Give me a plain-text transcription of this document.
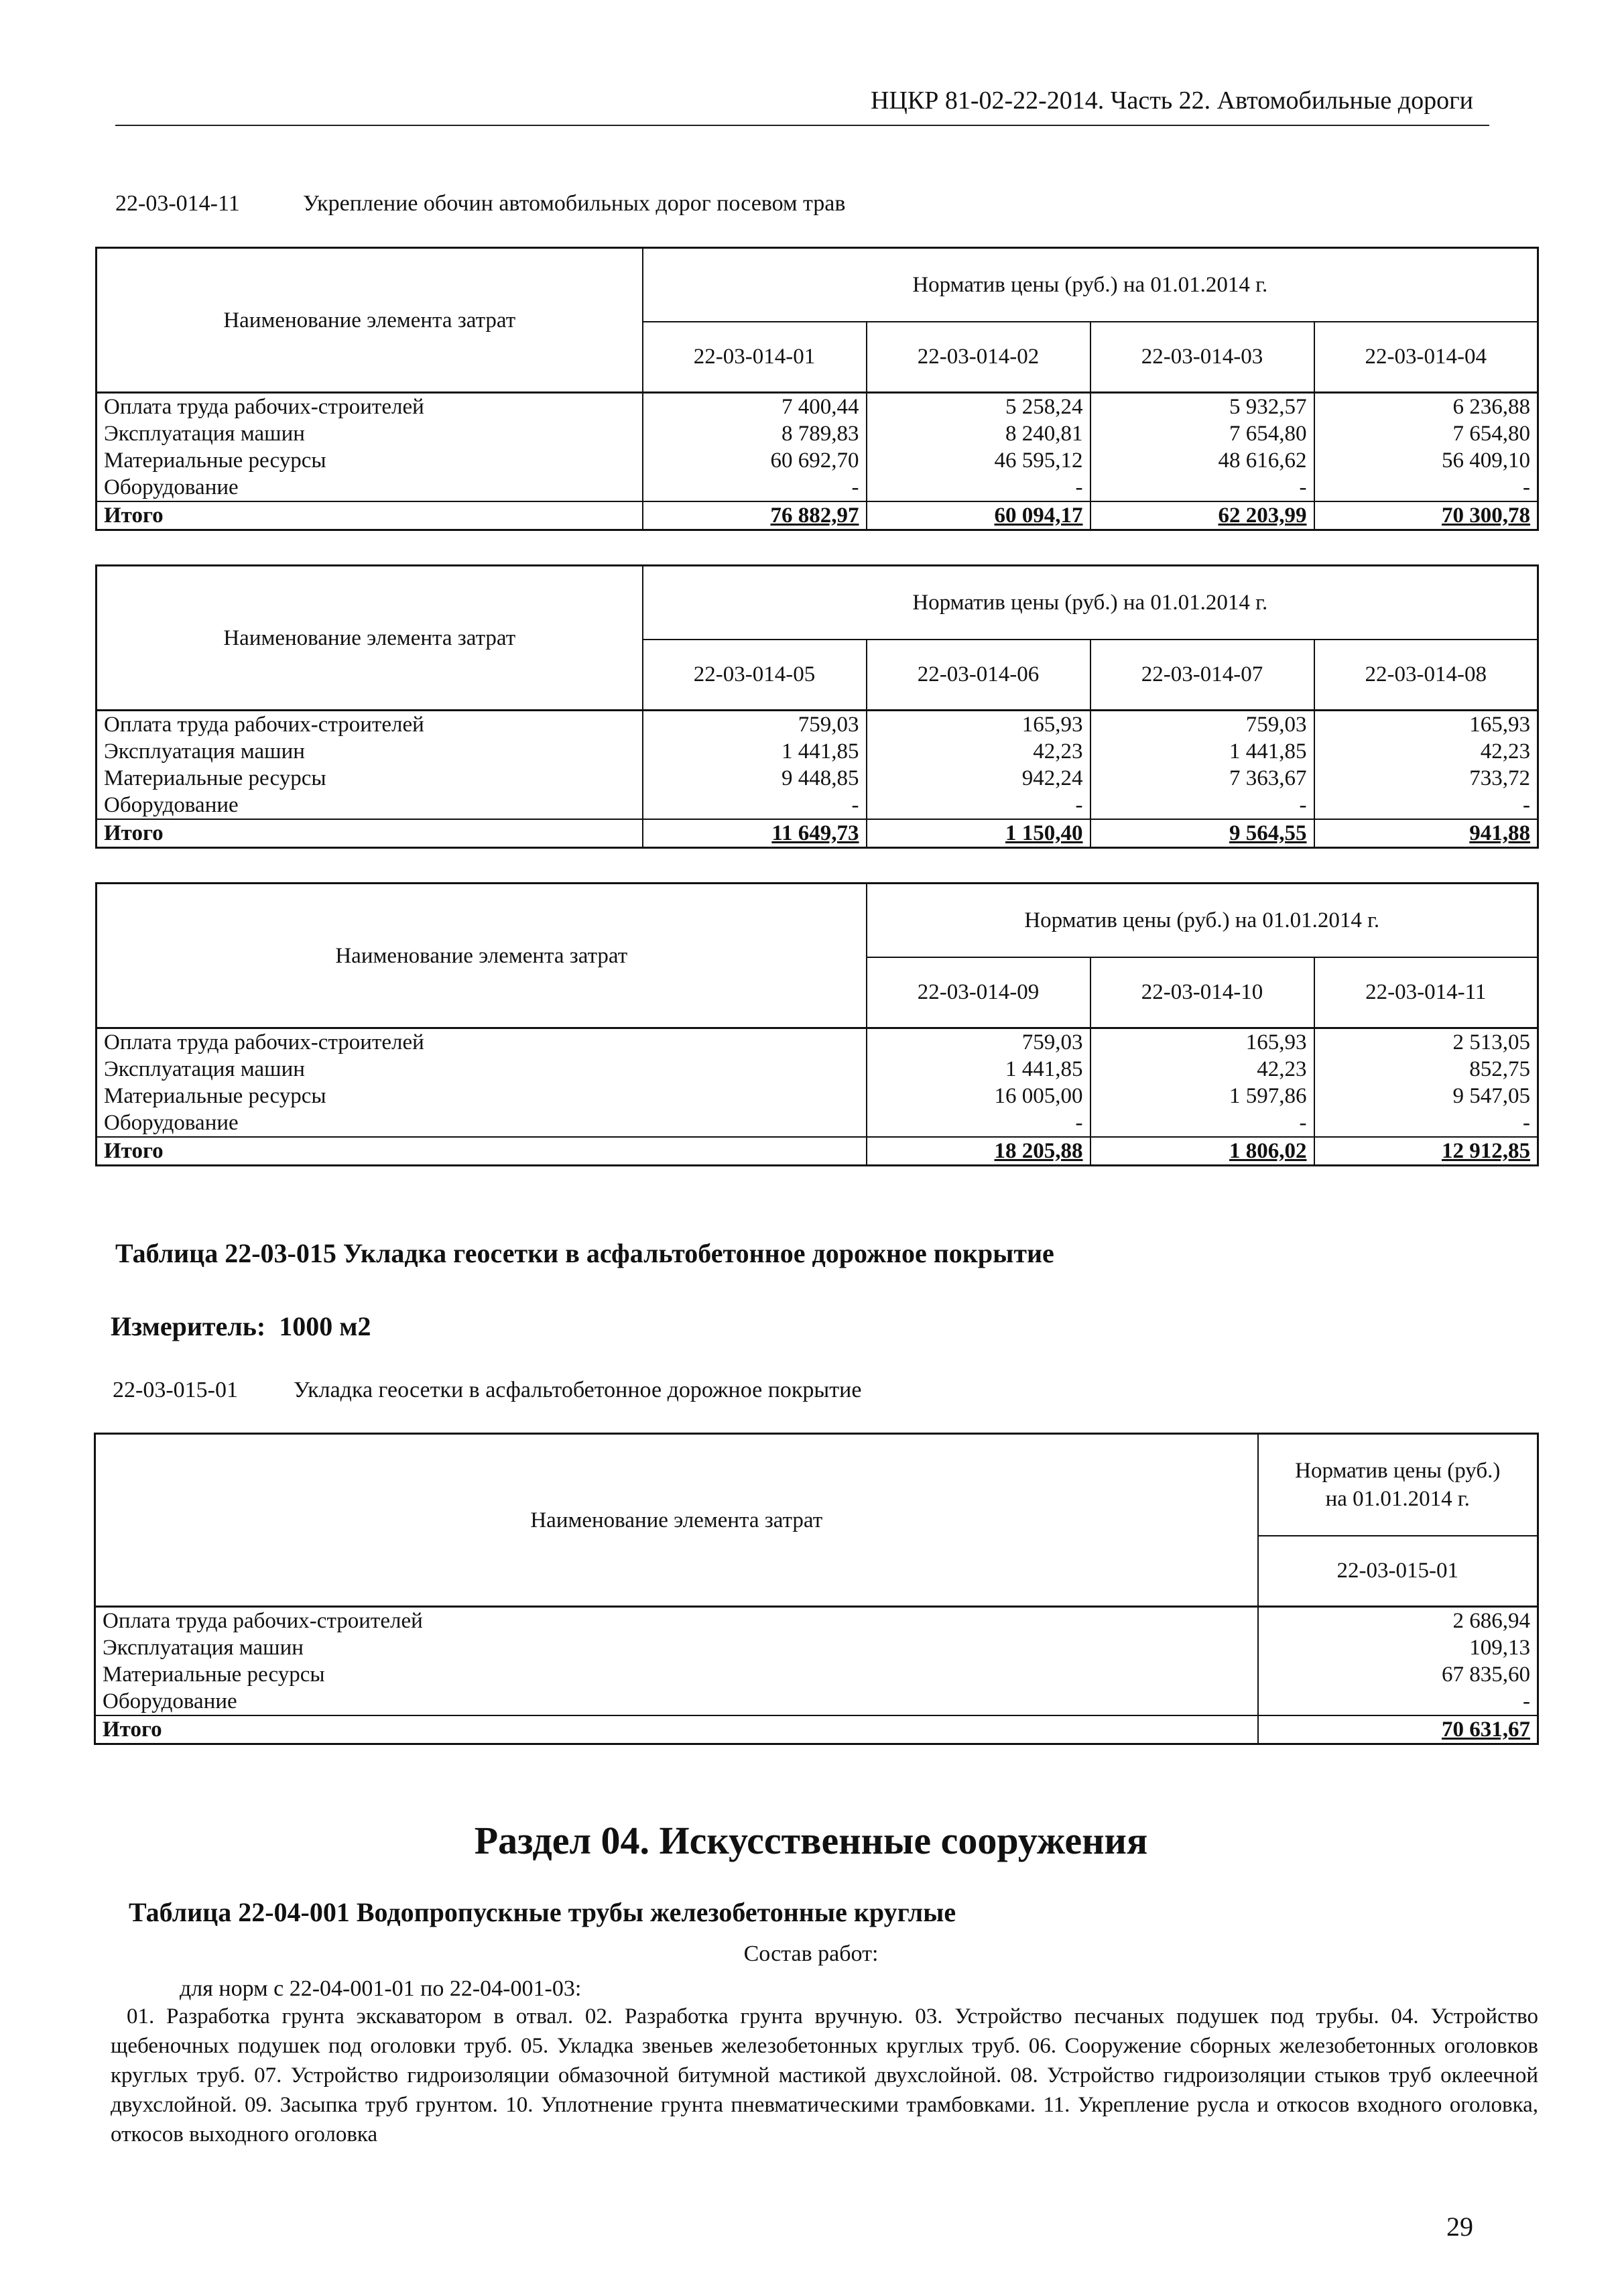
НЦКР 81-02-22-2014. Часть 22. Автомобильные дороги
22-03-014-11	Укрепление обочин автомобильных дорог посевом трав
Наименование элемента затрат	Норматив цены (руб.) на 01.01.2014 г.			
	22-03-014-01	22-03-014-02	22-03-014-03	22-03-014-04
Оплата труда рабочих-строителей	7 400,44	5 258,24	5 932,57	6 236,88
Эксплуатация машин	8 789,83	8 240,81	7 654,80	7 654,80
Материальные ресурсы	60 692,70	46 595,12	48 616,62	56 409,10
Оборудование	-	-	-	-
Итого	76 882,97	60 094,17	62 203,99	70 300,78
Наименование элемента затрат	Норматив цены (руб.) на 01.01.2014 г.			
	22-03-014-05	22-03-014-06	22-03-014-07	22-03-014-08
Оплата труда рабочих-строителей	759,03	165,93	759,03	165,93
Эксплуатация машин	1 441,85	42,23	1 441,85	42,23
Материальные ресурсы	9 448,85	942,24	7 363,67	733,72
Оборудование	-	-	-	-
Итого	11 649,73	1 150,40	9 564,55	941,88
Наименование элемента затрат	Норматив цены (руб.) на 01.01.2014 г.		
	22-03-014-09	22-03-014-10	22-03-014-11
Оплата труда рабочих-строителей	759,03	165,93	2 513,05
Эксплуатация машин	1 441,85	42,23	852,75
Материальные ресурсы	16 005,00	1 597,86	9 547,05
Оборудование	-	-	-
Итого	18 205,88	1 806,02	12 912,85
Таблица 22-03-015 Укладка геосетки в асфальтобетонное дорожное покрытие
Измеритель: 1000 м2
22-03-015-01 Укладка геосетки в асфальтобетонное дорожное покрытие
Наименование элемента затрат	Норматив цены (руб.)
на 01.01.2014 г.

	22-03-015-01
Оплата труда рабочих-строителей	2 686,94
Эксплуатация машин	109,13
Материальные ресурсы	67 835,60
Оборудование	-
Итого	70 631,67
Раздел 04. Искусственные сооружения
Таблица 22-04-001 Водопропускные трубы железобетонные круглые
Состав работ:
для норм с 22-04-001-01 по 22-04-001-03:
01. Разработка грунта экскаватором в отвал. 02. Разработка грунта вручную. 03. Устройство песчаных подушек под трубы. 04. Устройство щебеночных подушек под оголовки труб. 05. Укладка звеньев железобетонных круглых труб. 06. Сооружение сборных железобетонных оголовков круглых труб. 07. Устройство гидроизоляции обмазочной битумной мастикой двухслойной. 08. Устройство гидроизоляции стыков труб оклеечной двухслойной. 09. Засыпка труб грунтом. 10. Уплотнение грунта пневматическими трамбовками. 11. Укрепление русла и откосов входного оголовка, откосов выходного оголовка
29
